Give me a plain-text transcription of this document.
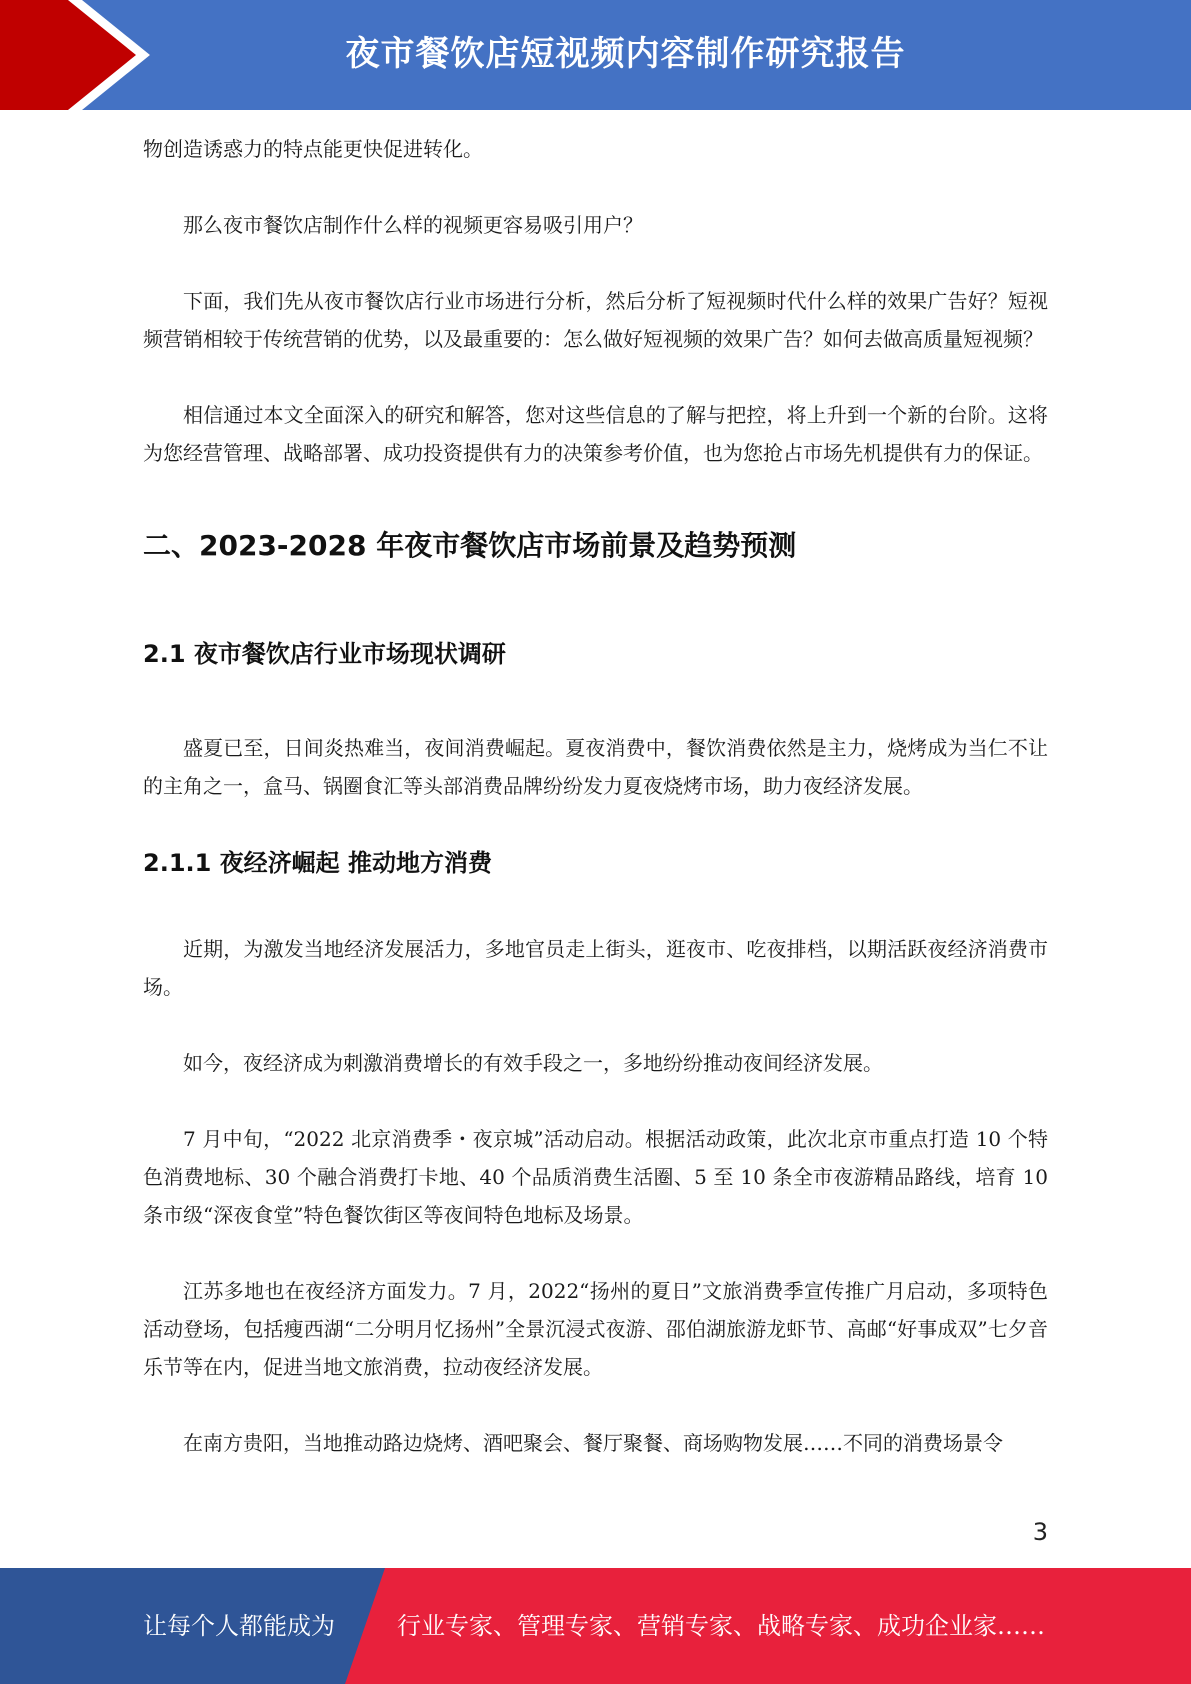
夜市餐饮店短视频内容制作研究报告

物创造诱惑力的特点能更快促进转化。

那么夜市餐饮店制作什么样的视频更容易吸引用户？

下面，我们先从夜市餐饮店行业市场进行分析，然后分析了短视频时代什么样的效果广告好？短视频营销相较于传统营销的优势，以及最重要的：怎么做好短视频的效果广告？如何去做高质量短视频？

相信通过本文全面深入的研究和解答，您对这些信息的了解与把控，将上升到一个新的台阶。这将为您经营管理、战略部署、成功投资提供有力的决策参考价值，也为您抢占市场先机提供有力的保证。

二、2023-2028 年夜市餐饮店市场前景及趋势预测
2.1 夜市餐饮店行业市场现状调研

盛夏已至，日间炎热难当，夜间消费崛起。夏夜消费中，餐饮消费依然是主力，烧烤成为当仁不让的主角之一，盒马、锅圈食汇等头部消费品牌纷纷发力夏夜烧烤市场，助力夜经济发展。

2.1.1 夜经济崛起 推动地方消费

近期，为激发当地经济发展活力，多地官员走上街头，逛夜市、吃夜排档，以期活跃夜经济消费市场。

如今，夜经济成为刺激消费增长的有效手段之一，多地纷纷推动夜间经济发展。

7 月中旬，“2022 北京消费季・夜京城”活动启动。根据活动政策，此次北京市重点打造 10 个特色消费地标、30 个融合消费打卡地、40 个品质消费生活圈、5 至 10 条全市夜游精品路线，培育 10 条市级“深夜食堂”特色餐饮街区等夜间特色地标及场景。

江苏多地也在夜经济方面发力。7 月，2022“扬州的夏日”文旅消费季宣传推广月启动，多项特色活动登场，包括瘦西湖“二分明月忆扬州”全景沉浸式夜游、邵伯湖旅游龙虾节、高邮“好事成双”七夕音乐节等在内，促进当地文旅消费，拉动夜经济发展。

在南方贵阳，当地推动路边烧烤、酒吧聚会、餐厅聚餐、商场购物发展……不同的消费场景令

3
让每个人都能成为	行业专家、管理专家、营销专家、战略专家、成功企业家……
